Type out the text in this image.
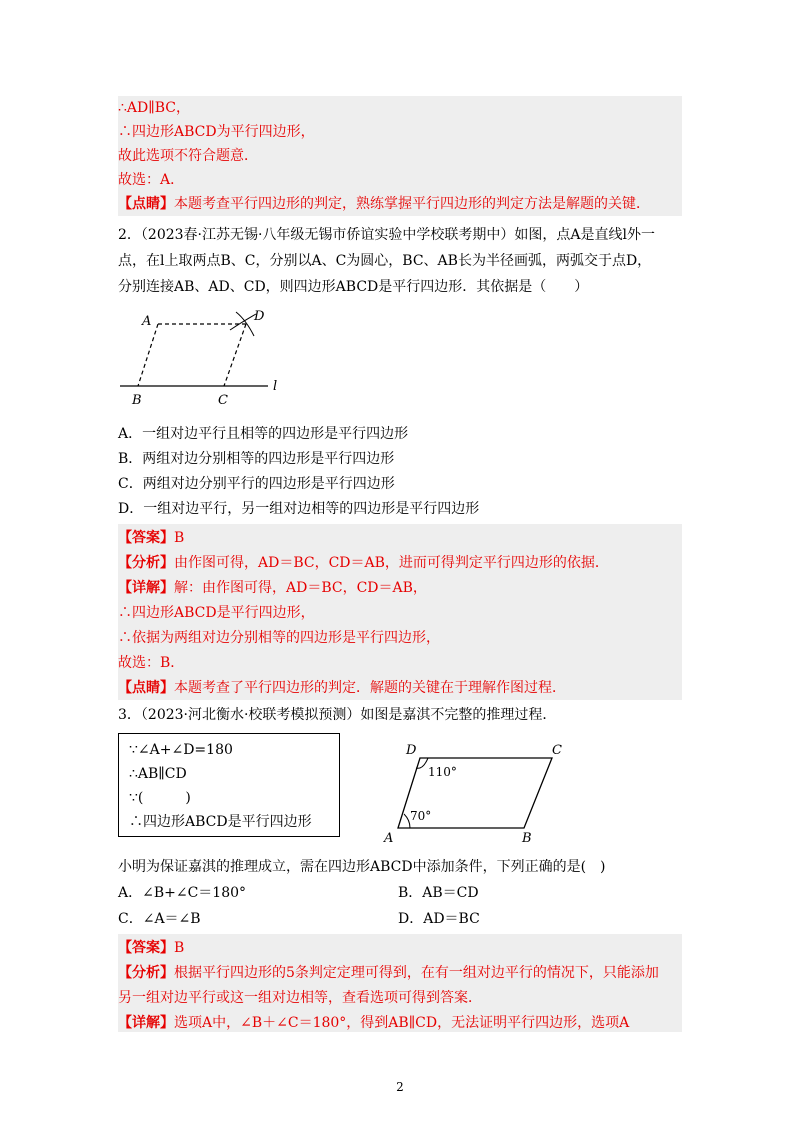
∴AD∥BC，
∴四边形ABCD为平行四边形，
故此选项不符合题意．
故选：A．
【点睛】本题考查平行四边形的判定，熟练掌握平行四边形的判定方法是解题的关键．
2．（2023春·江苏无锡·八年级无锡市侨谊实验中学校联考期中）如图，点A是直线l外一
点，在l上取两点B、C，分别以A、C为圆心，BC、AB长为半径画弧，两弧交于点D，
分别连接AB、AD、CD，则四边形ABCD是平行四边形．其依据是（　　）
A	D
B	C
l
A．一组对边平行且相等的四边形是平行四边形
B．两组对边分别相等的四边形是平行四边形
C．两组对边分别平行的四边形是平行四边形
D．一组对边平行，另一组对边相等的四边形是平行四边形
【答案】B
【分析】由作图可得，AD＝BC，CD＝AB，进而可得判定平行四边形的依据．
【详解】解：由作图可得，AD＝BC，CD＝AB，
∴四边形ABCD是平行四边形，
∴依据为两组对边分别相等的四边形是平行四边形，
故选：B．
【点睛】本题考查了平行四边形的判定．解题的关键在于理解作图过程．
3．（2023·河北衡水·校联考模拟预测）如图是嘉淇不完整的推理过程．
∵∠A+∠D=180
∴AB∥CD
∵(　　　)
∴四边形ABCD是平行四边形
D	C
A	B
110°
70°
小明为保证嘉淇的推理成立，需在四边形ABCD中添加条件，下列正确的是(　)
A．∠B+∠C＝180°	B．AB＝CD
C．∠A＝∠B	D．AD＝BC
【答案】B
【分析】根据平行四边形的5条判定定理可得到，在有一组对边平行的情况下，只能添加
另一组对边平行或这一组对边相等，查看选项可得到答案．
【详解】选项A中，∠B＋∠C＝180°，得到AB∥CD，无法证明平行四边形，选项A
2
